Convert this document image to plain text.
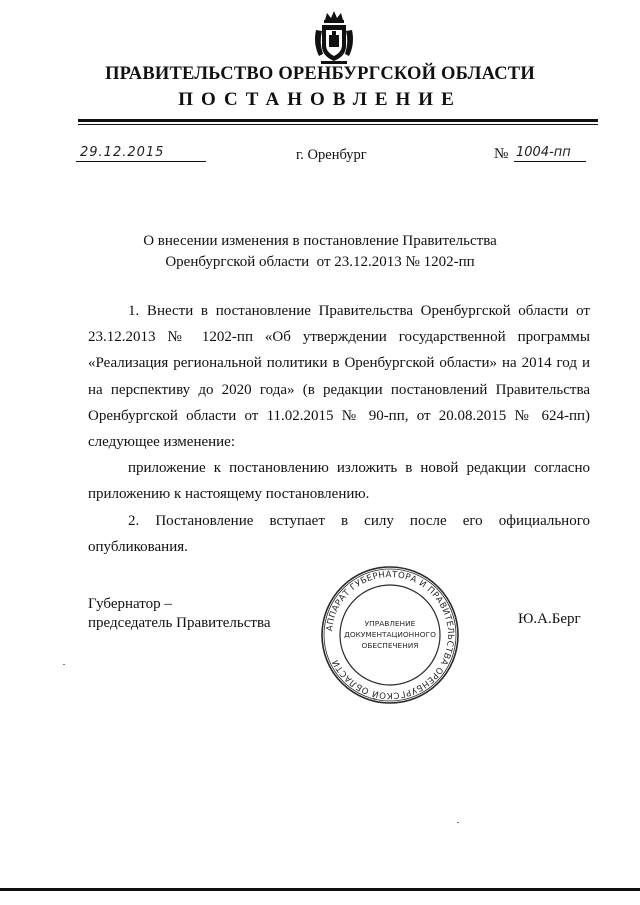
ПРАВИТЕЛЬСТВО ОРЕНБУРГСКОЙ ОБЛАСТИ
ПОСТАНОВЛЕНИЕ
29.12.2015	г. Оренбург	№ 1004-пп
О внесении изменения в постановление Правительства
Оренбургской области  от 23.12.2013 № 1202-пп

1. Внести в постановление Правительства Оренбургской области от 23.12.2013 № 1202-пп «Об утверждении государственной программы «Реализация региональной политики в Оренбургской области» на 2014 год и на перспективу до 2020 года» (в редакции постановлений Правительства Оренбургской области от 11.02.2015 № 90-пп, от 20.08.2015 № 624-пп) следующее изменение:

приложение к постановлению изложить в новой редакции согласно приложению к настоящему постановлению.

2. Постановление вступает в силу после его официального опубликования.

Губернатор –
председатель Правительства	Ю.А.Берг
АППАРАТ ГУБЕРНАТОРА И ПРАВИТЕЛЬСТВА ОРЕНБУРГСКОЙ ОБЛАСТИ
УПРАВЛЕНИЕ
ДОКУМЕНТАЦИОННОГО
ОБЕСПЕЧЕНИЯ
